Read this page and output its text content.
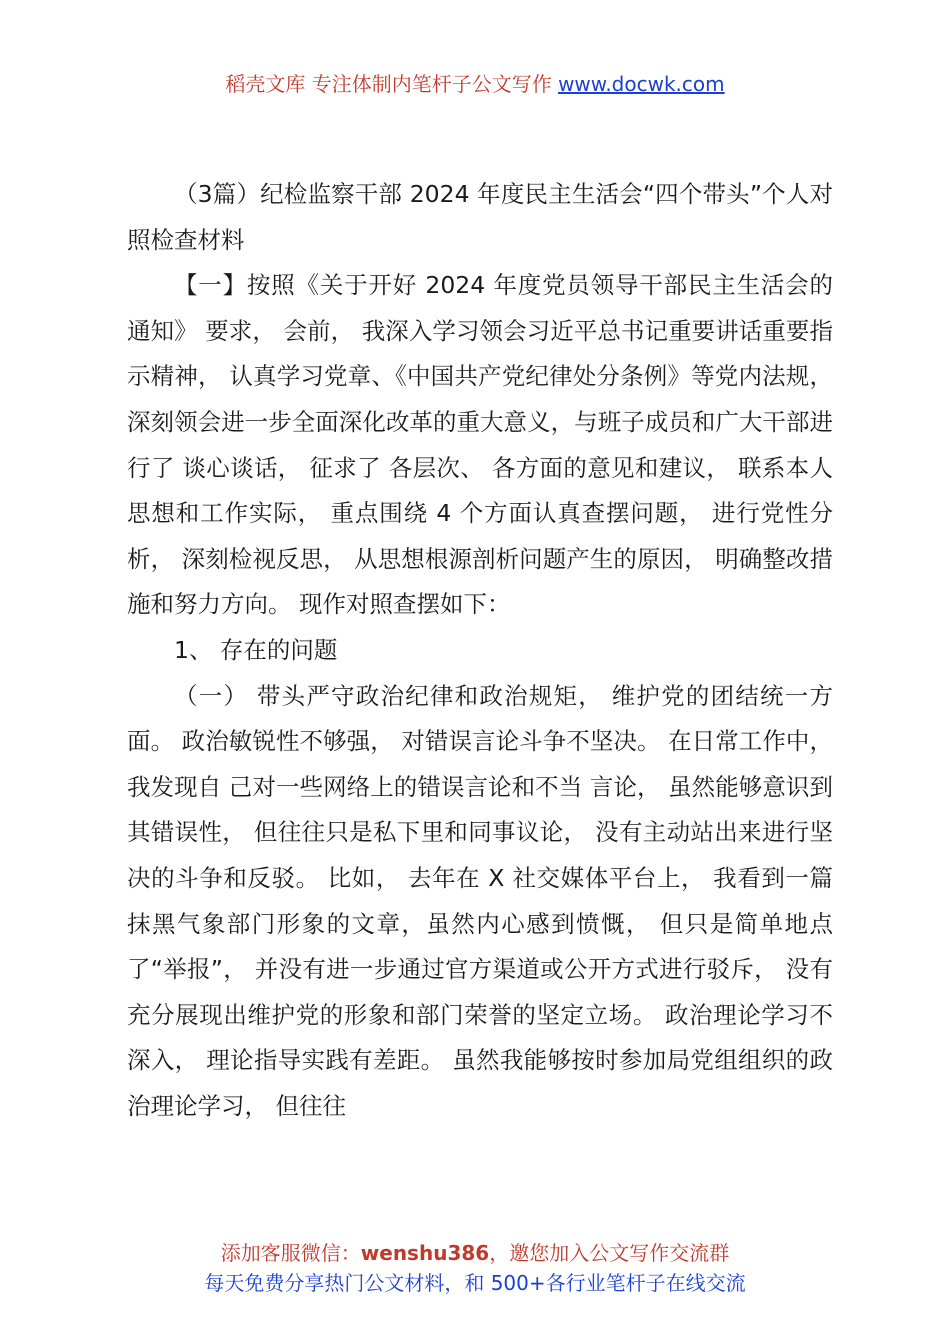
稻壳文库 专注体制内笔杆子公文写作 www.docwk.com

（3篇）纪检监察干部 2024 年度民主生活会“四个带头”个人对照检查材料

【一】按照《关于开好 2024 年度党员领导干部民主生活会的通知》 要求， 会前， 我深入学习领会习近平总书记重要讲话重要指示精神， 认真学习党章、《中国共产党纪律处分条例》等党内法规， 深刻领会进一步全面深化改革的重大意义，与班子成员和广大干部进行了 谈心谈话， 征求了 各层次、 各方面的意见和建议， 联系本人思想和工作实际， 重点围绕 4 个方面认真查摆问题， 进行党性分析， 深刻检视反思， 从思想根源剖析问题产生的原因， 明确整改措施和努力方向。 现作对照查摆如下：

1、 存在的问题

（一） 带头严守政治纪律和政治规矩， 维护党的团结统一方面。 政治敏锐性不够强， 对错误言论斗争不坚决。 在日常工作中， 我发现自 己对一些网络上的错误言论和不当 言论， 虽然能够意识到其错误性， 但往往只是私下里和同事议论， 没有主动站出来进行坚决的斗争和反驳。 比如， 去年在 X 社交媒体平台上， 我看到一篇抹黑气象部门形象的文章，虽然内心感到愤慨， 但只是简单地点了“举报”， 并没有进一步通过官方渠道或公开方式进行驳斥， 没有充分展现出维护党的形象和部门荣誉的坚定立场。 政治理论学习不深入， 理论指导实践有差距。 虽然我能够按时参加局党组组织的政治理论学习， 但往往

添加客服微信：wenshu386，邀您加入公文写作交流群
每天免费分享热门公文材料，和 500+各行业笔杆子在线交流
